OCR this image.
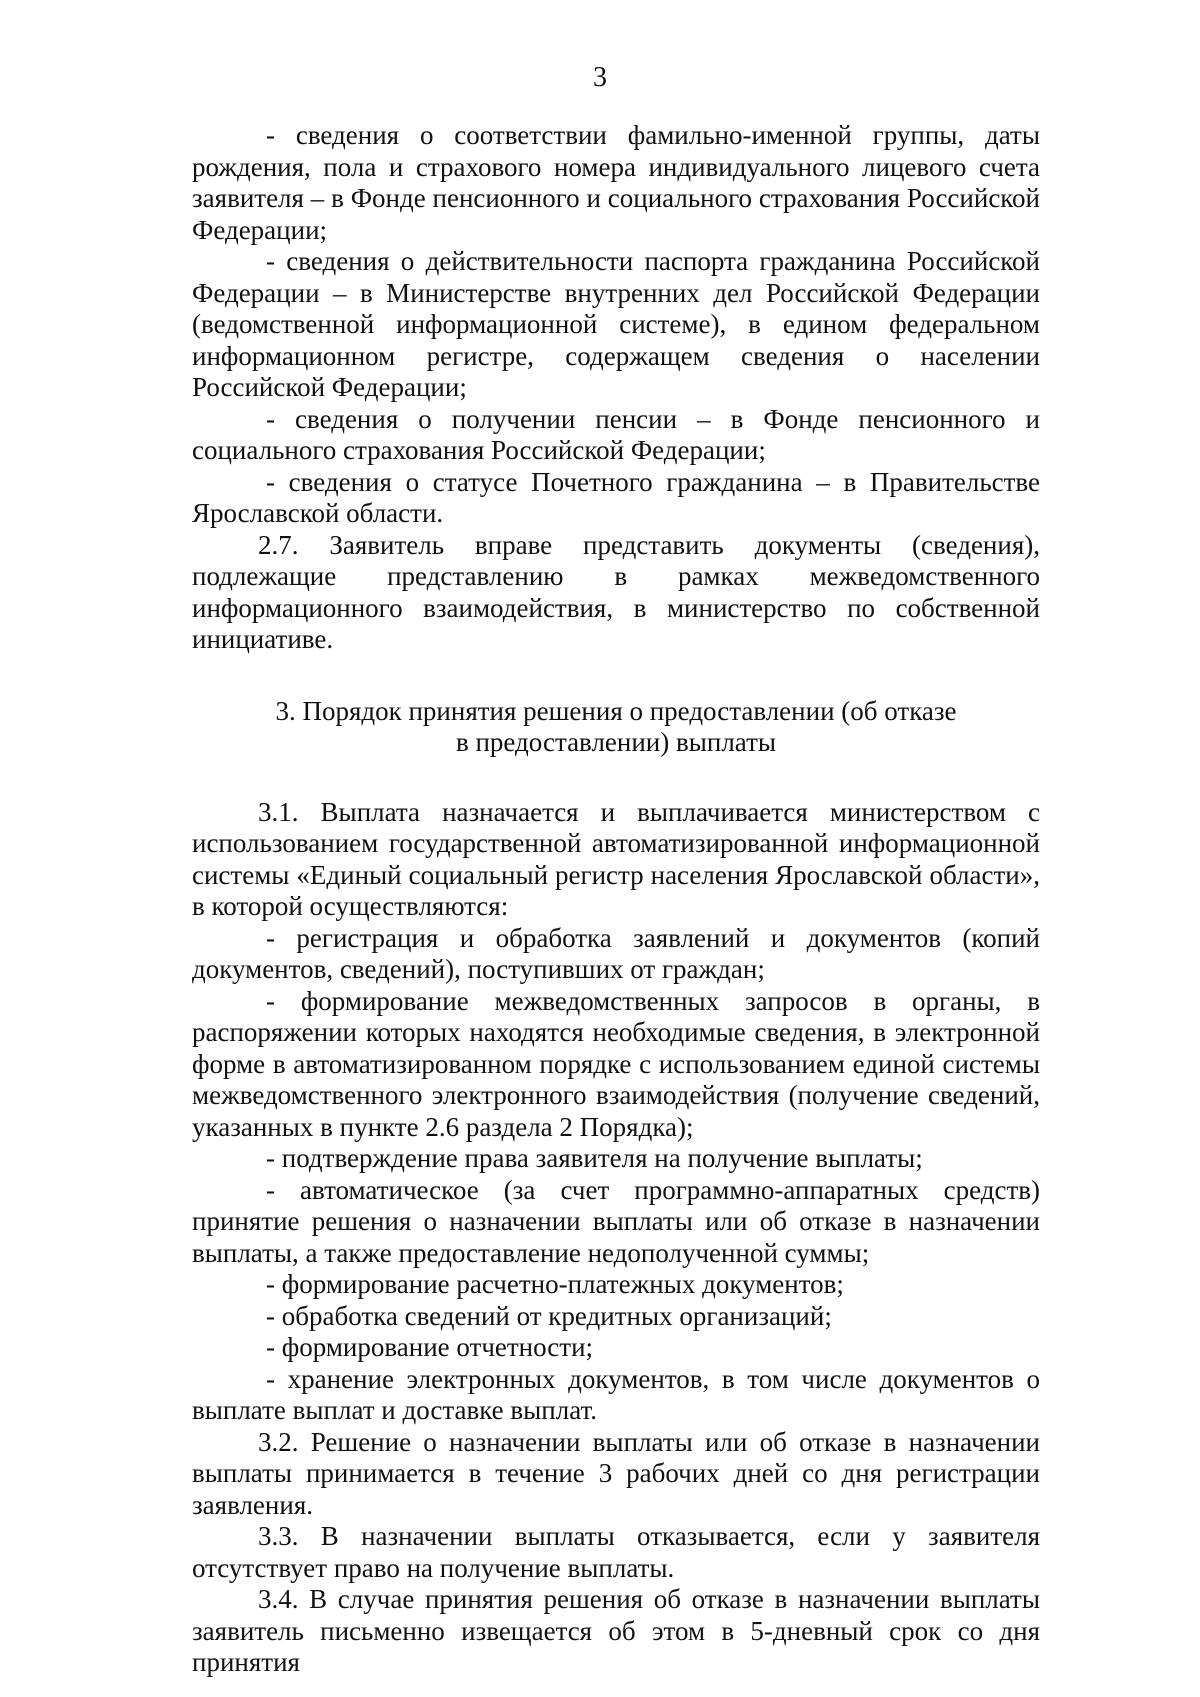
3

- сведения о соответствии фамильно-именной группы, даты рождения, пола и страхового номера индивидуального лицевого счета заявителя – в Фонде пенсионного и социального страхования Российской Федерации;

- сведения о действительности паспорта гражданина Российской Федерации – в Министерстве внутренних дел Российской Федерации (ведомственной информационной системе), в едином федеральном информационном регистре, содержащем сведения о населении Российской Федерации;

- сведения о получении пенсии – в Фонде пенсионного и социального страхования Российской Федерации;

- сведения о статусе Почетного гражданина – в Правительстве Ярославской области.

2.7. Заявитель вправе представить документы (сведения), подлежащие представлению в рамках межведомственного информационного взаимодействия, в министерство по собственной инициативе.

3. Порядок принятия решения о предоставлении (об отказе
в предоставлении) выплаты

3.1. Выплата назначается и выплачивается министерством с использованием государственной автоматизированной информационной системы «Единый социальный регистр населения Ярославской области», в которой осуществляются:

- регистрация и обработка заявлений и документов (копий документов, сведений), поступивших от граждан;

- формирование межведомственных запросов в органы, в распоряжении которых находятся необходимые сведения, в электронной форме в автоматизированном порядке с использованием единой системы межведомственного электронного взаимодействия (получение сведений, указанных в пункте 2.6 раздела 2 Порядка);

- подтверждение права заявителя на получение выплаты;

- автоматическое (за счет программно-аппаратных средств) принятие решения о назначении выплаты или об отказе в назначении выплаты, а также предоставление недополученной суммы;

- формирование расчетно-платежных документов;

- обработка сведений от кредитных организаций;

- формирование отчетности;

- хранение электронных документов, в том числе документов о выплате выплат и доставке выплат.

3.2. Решение о назначении выплаты или об отказе в назначении выплаты принимается в течение 3 рабочих дней со дня регистрации заявления.

3.3. В назначении выплаты отказывается, если у заявителя отсутствует право на получение выплаты.

3.4. В случае принятия решения об отказе в назначении выплаты заявитель письменно извещается об этом в 5-дневный срок со дня принятия
